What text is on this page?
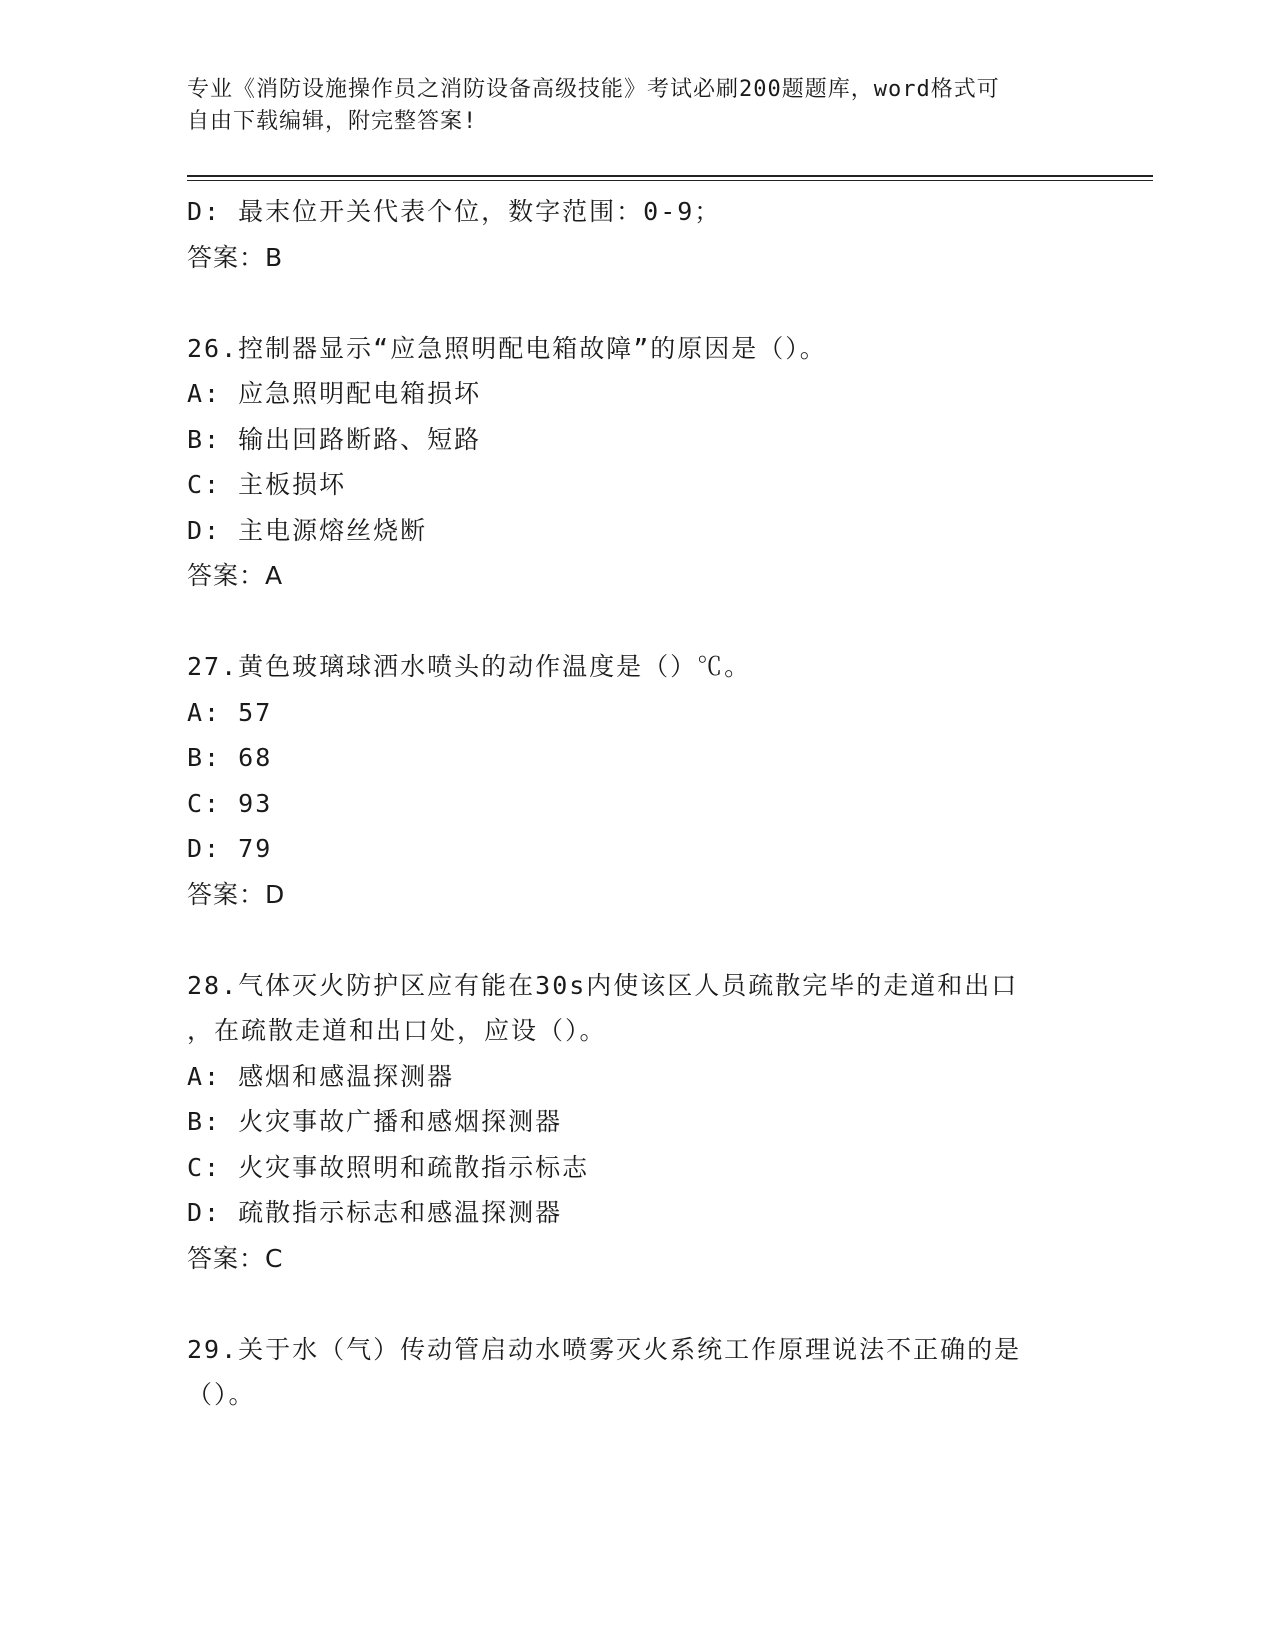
专业《消防设施操作员之消防设备高级技能》考试必刷200题题库，word格式可
自由下载编辑，附完整答案!
D: 最末位开关代表个位，数字范围：0-9；
答案：B
26.控制器显示“应急照明配电箱故障”的原因是（）。
A: 应急照明配电箱损坏
B: 输出回路断路、短路
C: 主板损坏
D: 主电源熔丝烧断
答案：A
27.黄色玻璃球洒水喷头的动作温度是（）℃。
A: 57
B: 68
C: 93
D: 79
答案：D
28.气体灭火防护区应有能在30s内使该区人员疏散完毕的走道和出口
，在疏散走道和出口处，应设（）。
A: 感烟和感温探测器
B: 火灾事故广播和感烟探测器
C: 火灾事故照明和疏散指示标志
D: 疏散指示标志和感温探测器
答案：C
29.关于水（气）传动管启动水喷雾灭火系统工作原理说法不正确的是
（）。
